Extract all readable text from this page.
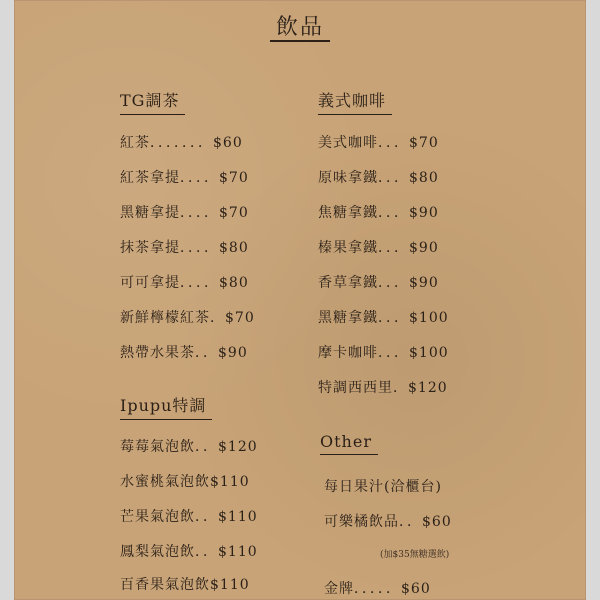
飲品
TG調茶
紅茶．．．．．．．$60
紅茶拿提．．．．$70
黑糖拿提．．．．$70
抹茶拿提．．．．$80
可可拿提．．．．$80
新鮮檸檬紅茶．$70
熱帶水果茶．．$90
Ipupu特調
莓莓氣泡飲．．$120
水蜜桃氣泡飲$110
芒果氣泡飲．．$110
鳳梨氣泡飲．．$110
百香果氣泡飲$110
義式咖啡
美式咖啡．．．$70
原味拿鐵．．．$80
焦糖拿鐵．．．$90
榛果拿鐵．．．$90
香草拿鐵．．．$90
黑糖拿鐵．．．$100
摩卡咖啡．．．$100
特調西西里．$120
Other
每日果汁(洽櫃台)
可樂橘飲品．．$60
(加$35無糖選飲)
金牌．．．．．$60
